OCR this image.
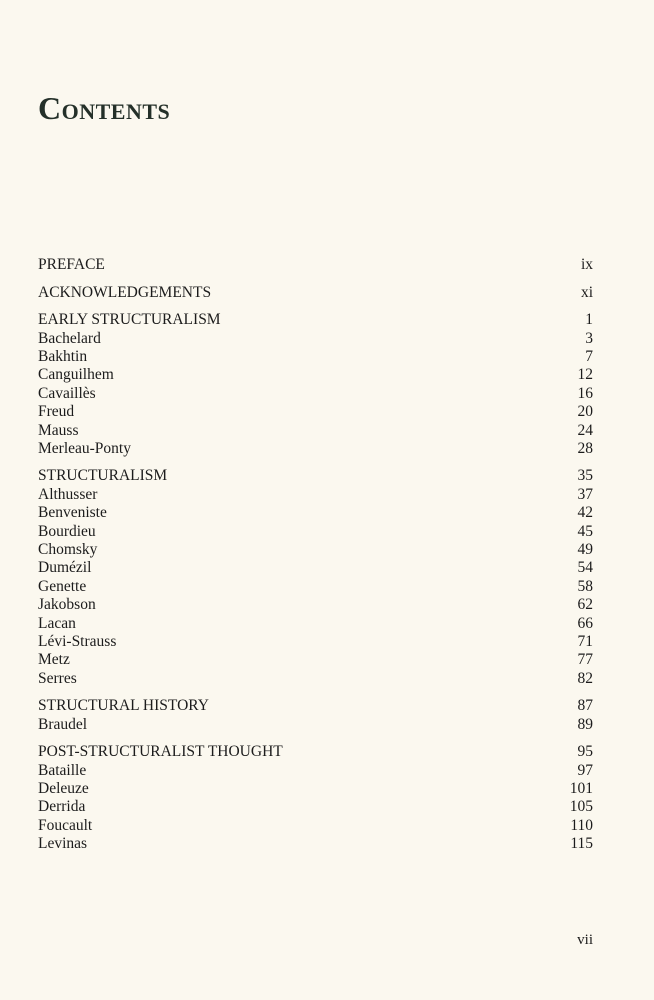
Contents
PREFACE	ix
ACKNOWLEDGEMENTS	xi
EARLY STRUCTURALISM	1
Bachelard	3
Bakhtin	7
Canguilhem	12
Cavaillès	16
Freud	20
Mauss	24
Merleau-Ponty	28
STRUCTURALISM	35
Althusser	37
Benveniste	42
Bourdieu	45
Chomsky	49
Dumézil	54
Genette	58
Jakobson	62
Lacan	66
Lévi-Strauss	71
Metz	77
Serres	82
STRUCTURAL HISTORY	87
Braudel	89
POST-STRUCTURALIST THOUGHT	95
Bataille	97
Deleuze	101
Derrida	105
Foucault	110
Levinas	115
vii
